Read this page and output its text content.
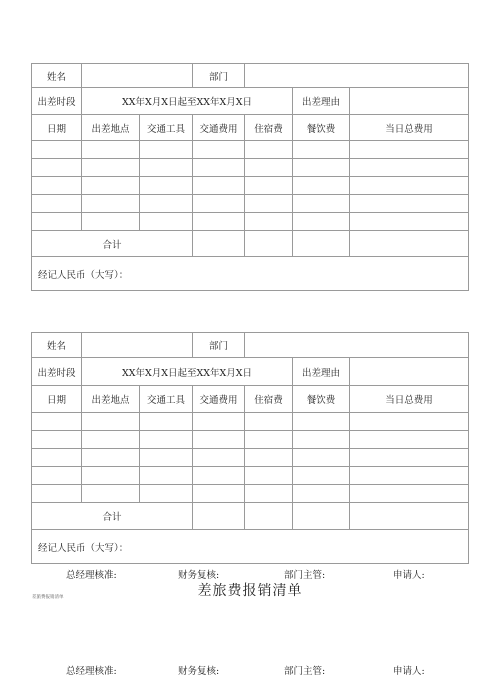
姓名			部门			
出差时段	XX年X月X日起至XX年X月X日				出差理由	
日期	出差地点	交通工具	交通费用	住宿费	餐饮费	当日总费用

合计						
经记人民币（大写）：						
姓名			部门			
出差时段	XX年X月X日起至XX年X月X日				出差理由	
日期	出差地点	交通工具	交通费用	住宿费	餐饮费	当日总费用

合计						
经记人民币（大写）：						
总经理核准:	财务复核:	部门主管:	申请人:
差旅费报销清单
差旅费报销清单
总经理核准:	财务复核:	部门主管:	申请人:
